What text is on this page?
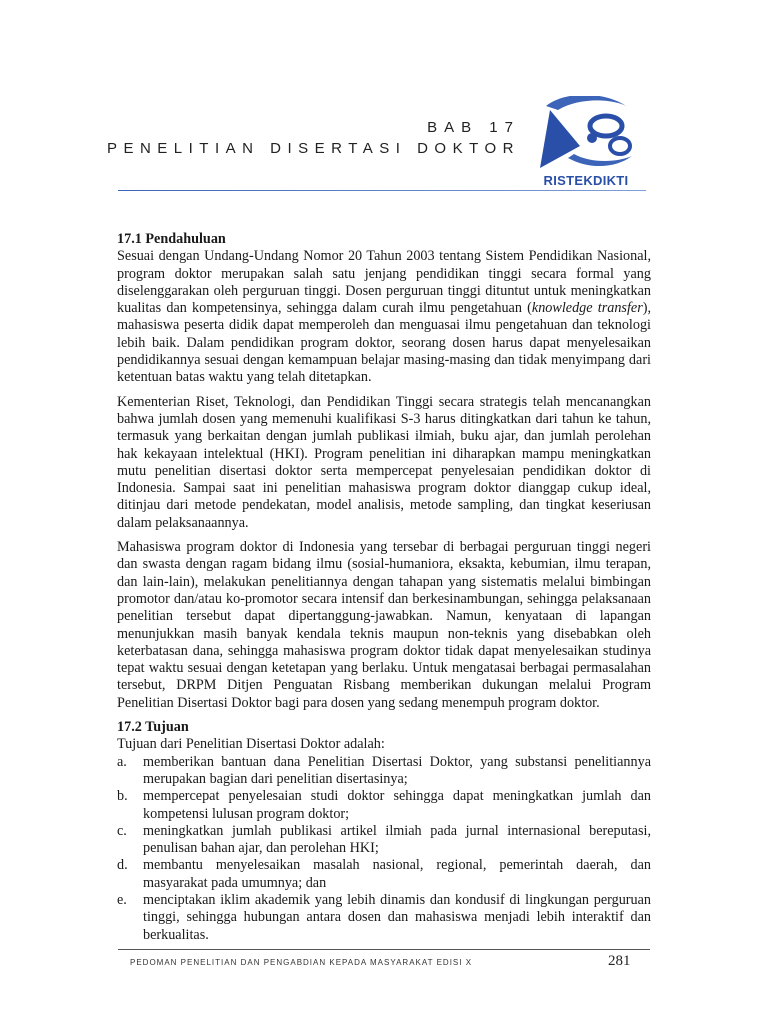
BAB 17
PENELITIAN DISERTASI DOKTOR
RISTEKDIKTI
17.1 Pendahuluan

Sesuai dengan Undang-Undang Nomor 20 Tahun 2003 tentang Sistem Pendidikan Nasional, program doktor merupakan salah satu jenjang pendidikan tinggi secara formal yang diselenggarakan oleh perguruan tinggi. Dosen perguruan tinggi dituntut untuk meningkatkan kualitas dan kompetensinya, sehingga dalam curah ilmu pengetahuan (knowledge transfer), mahasiswa peserta didik dapat memperoleh dan menguasai ilmu pengetahuan dan teknologi lebih baik. Dalam pendidikan program doktor, seorang dosen harus dapat menyelesaikan pendidikannya sesuai dengan kemampuan belajar masing-masing dan tidak menyimpang dari ketentuan batas waktu yang telah ditetapkan.

Kementerian Riset, Teknologi, dan Pendidikan Tinggi secara strategis telah mencanangkan bahwa jumlah dosen yang memenuhi kualifikasi S-3 harus ditingkatkan dari tahun ke tahun, termasuk yang berkaitan dengan jumlah publikasi ilmiah, buku ajar, dan jumlah perolehan hak kekayaan intelektual (HKI). Program penelitian ini diharapkan mampu meningkatkan mutu penelitian disertasi doktor serta mempercepat penyelesaian pendidikan doktor di Indonesia. Sampai saat ini penelitian mahasiswa program doktor dianggap cukup ideal, ditinjau dari metode pendekatan, model analisis, metode sampling, dan tingkat keseriusan dalam pelaksanaannya.

Mahasiswa program doktor di Indonesia yang tersebar di berbagai perguruan tinggi negeri dan swasta dengan ragam bidang ilmu (sosial-humaniora, eksakta, kebumian, ilmu terapan, dan lain-lain), melakukan penelitiannya dengan tahapan yang sistematis melalui bimbingan promotor dan/atau ko-promotor secara intensif dan berkesinambungan, sehingga pelaksanaan penelitian tersebut dapat dipertanggung-jawabkan. Namun, kenyataan di lapangan menunjukkan masih banyak kendala teknis maupun non-teknis yang disebabkan oleh keterbatasan dana, sehingga mahasiswa program doktor tidak dapat menyelesaikan studinya tepat waktu sesuai dengan ketetapan yang berlaku. Untuk mengatasai berbagai permasalahan tersebut, DRPM Ditjen Penguatan Risbang memberikan dukungan melalui Program Penelitian Disertasi Doktor bagi para dosen yang sedang menempuh program doktor.

17.2 Tujuan
Tujuan dari Penelitian Disertasi Doktor adalah:
a. memberikan bantuan dana Penelitian Disertasi Doktor, yang substansi penelitiannya merupakan bagian dari penelitian disertasinya;
b. mempercepat penyelesaian studi doktor sehingga dapat meningkatkan jumlah dan kompetensi lulusan program doktor;
c. meningkatkan jumlah publikasi artikel ilmiah pada jurnal internasional bereputasi, penulisan bahan ajar, dan perolehan HKI;
d. membantu menyelesaikan masalah nasional, regional, pemerintah daerah, dan masyarakat pada umumnya; dan
e. menciptakan iklim akademik yang lebih dinamis dan kondusif di lingkungan perguruan tinggi, sehingga hubungan antara dosen dan mahasiswa menjadi lebih interaktif dan berkualitas.
PEDOMAN PENELITIAN DAN PENGABDIAN KEPADA MASYARAKAT EDISI X	281
